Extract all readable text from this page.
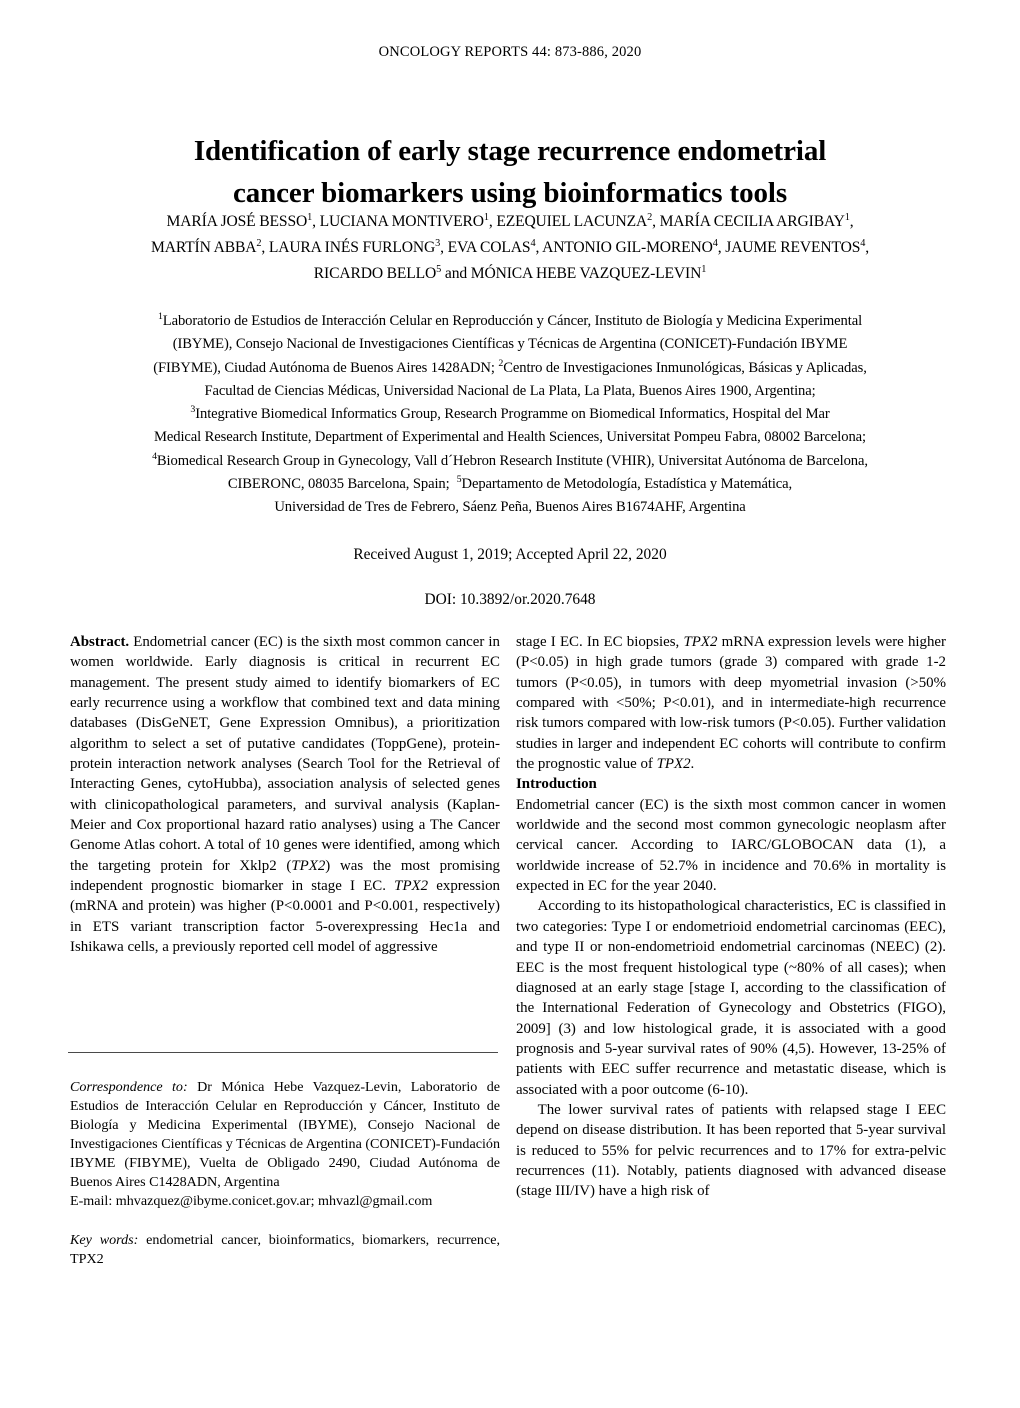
ONCOLOGY REPORTS 44: 873-886, 2020
Identification of early stage recurrence endometrial
cancer biomarkers using bioinformatics tools
MARÍA JOSÉ BESSO$^1$, LUCIANA MONTIVERO$^1$, EZEQUIEL LACUNZA$^2$, MARÍA CECILIA ARGIBAY$^1$,
MARTÍN ABBA$^2$, LAURA INÉS FURLONG$^3$, EVA COLAS$^4$, ANTONIO GIL-MORENO$^4$, JAUME REVENTOS$^4$,
RICARDO BELLO$^5$ and MÓNICA HEBE VAZQUEZ-LEVIN$^1$
$^1$Laboratorio de Estudios de Interacción Celular en Reproducción y Cáncer, Instituto de Biología y Medicina Experimental
(IBYME), Consejo Nacional de Investigaciones Científicas y Técnicas de Argentina (CONICET)-Fundación IBYME
(FIBYME), Ciudad Autónoma de Buenos Aires 1428ADN; $^2$Centro de Investigaciones Inmunológicas, Básicas y Aplicadas,
Facultad de Ciencias Médicas, Universidad Nacional de La Plata, La Plata, Buenos Aires 1900, Argentina;
$^3$Integrative Biomedical Informatics Group, Research Programme on Biomedical Informatics, Hospital del Mar
Medical Research Institute, Department of Experimental and Health Sciences, Universitat Pompeu Fabra, 08002 Barcelona;
$^4$Biomedical Research Group in Gynecology, Vall d´Hebron Research Institute (VHIR), Universitat Autónoma de Barcelona,
CIBERONC, 08035 Barcelona, Spain;  $^5$Departamento de Metodología, Estadística y Matemática,
Universidad de Tres de Febrero, Sáenz Peña, Buenos Aires B1674AHF, Argentina
Received August 1, 2019; Accepted April 22, 2020
DOI: 10.3892/or.2020.7648

Abstract. Endometrial cancer (EC) is the sixth most common cancer in women worldwide. Early diagnosis is critical in recurrent EC management. The present study aimed to identify biomarkers of EC early recurrence using a workflow that combined text and data mining databases (DisGeNET, Gene Expression Omnibus), a prioritization algorithm to select a set of putative candidates (ToppGene), protein-protein interaction network analyses (Search Tool for the Retrieval of Interacting Genes, cytoHubba), association analysis of selected genes with clinicopathological parameters, and survival analysis (Kaplan-Meier and Cox proportional hazard ratio analyses) using a The Cancer Genome Atlas cohort. A total of 10 genes were identified, among which the targeting protein for Xklp2 (TPX2) was the most promising independent prognostic biomarker in stage I EC. TPX2 expression (mRNA and protein) was higher (P<0.0001 and P<0.001, respectively) in ETS variant transcription factor 5-overexpressing Hec1a and Ishikawa cells, a previously reported cell model of aggressive

stage I EC. In EC biopsies, TPX2 mRNA expression levels were higher (P<0.05) in high grade tumors (grade 3) compared with grade 1-2 tumors (P<0.05), in tumors with deep myometrial invasion (>50% compared with <50%; P<0.01), and in intermediate-high recurrence risk tumors compared with low-risk tumors (P<0.05). Further validation studies in larger and independent EC cohorts will contribute to confirm the prognostic value of TPX2.

Introduction

Endometrial cancer (EC) is the sixth most common cancer in women worldwide and the second most common gynecologic neoplasm after cervical cancer. According to IARC/GLOBOCAN data (1), a worldwide increase of 52.7% in incidence and 70.6% in mortality is expected in EC for the year 2040.

According to its histopathological characteristics, EC is classified in two categories: Type I or endometrioid endometrial carcinomas (EEC), and type II or non-endometrioid endometrial carcinomas (NEEC) (2). EEC is the most frequent histological type (~80% of all cases); when diagnosed at an early stage [stage I, according to the classification of the International Federation of Gynecology and Obstetrics (FIGO), 2009] (3) and low histological grade, it is associated with a good prognosis and 5-year survival rates of 90% (4,5). However, 13-25% of patients with EEC suffer recurrence and metastatic disease, which is associated with a poor outcome (6-10).

The lower survival rates of patients with relapsed stage I EEC depend on disease distribution. It has been reported that 5-year survival is reduced to 55% for pelvic recurrences and to 17% for extra-pelvic recurrences (11). Notably, patients diagnosed with advanced disease (stage III/IV) have a high risk of

Correspondence to: Dr Mónica Hebe Vazquez-Levin, Laboratorio de Estudios de Interacción Celular en Reproducción y Cáncer, Instituto de Biología y Medicina Experimental (IBYME), Consejo Nacional de Investigaciones Científicas y Técnicas de Argentina (CONICET)-Fundación IBYME (FIBYME), Vuelta de Obligado 2490, Ciudad Autónoma de Buenos Aires C1428ADN, Argentina

E-mail: mhvazquez@ibyme.conicet.gov.ar; mhvazl@gmail.com

Key words: endometrial cancer, bioinformatics, biomarkers, recurrence, TPX2
